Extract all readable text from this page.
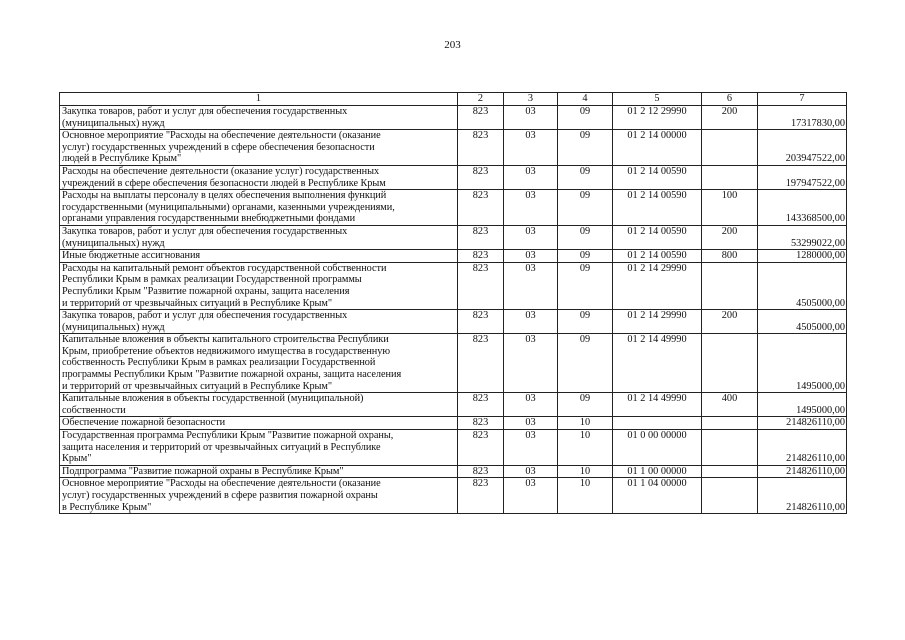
203
1	2	3	4	5	6	7

Закупка товаров, работ и услуг для обеспечения государственных
(муниципальных) нужд	823	03	09	01 2 12 29990	200	17317830,00

Основное мероприятие "Расходы на обеспечение деятельности (оказание
услуг) государственных учреждений в сфере обеспечения безопасности
людей в Республике Крым"	823	03	09	01 2 14 00000		203947522,00

Расходы на обеспечение деятельности (оказание услуг) государственных
учреждений в сфере обеспечения безопасности людей в Республике Крым	823	03	09	01 2 14 00590		197947522,00

Расходы на выплаты персоналу в целях обеспечения выполнения функций
государственными (муниципальными) органами, казенными учреждениями,
органами управления государственными внебюджетными фондами	823	03	09	01 2 14 00590	100	143368500,00

Закупка товаров, работ и услуг для обеспечения государственных
(муниципальных) нужд	823	03	09	01 2 14 00590	200	53299022,00

Иные бюджетные ассигнования	823	03	09	01 2 14 00590	800	1280000,00

Расходы на капитальный ремонт объектов государственной собственности
Республики Крым в рамках реализации Государственной программы
Республики Крым "Развитие пожарной охраны, защита населения
и территорий от чрезвычайных ситуаций в Республике Крым"	823	03	09	01 2 14 29990		4505000,00

Закупка товаров, работ и услуг для обеспечения государственных
(муниципальных) нужд	823	03	09	01 2 14 29990	200	4505000,00

Капитальные вложения в объекты капитального строительства Республики
Крым, приобретение объектов недвижимого имущества в государственную
собственность Республики Крым в рамках реализации Государственной
программы Республики Крым "Развитие пожарной охраны, защита населения
и территорий от чрезвычайных ситуаций в Республике Крым"	823	03	09	01 2 14 49990		1495000,00

Капитальные вложения в объекты государственной (муниципальной)
собственности	823	03	09	01 2 14 49990	400	1495000,00

Обеспечение пожарной безопасности	823	03	10			214826110,00

Государственная программа Республики Крым "Развитие пожарной охраны,
защита населения и территорий от чрезвычайных ситуаций в Республике
Крым"	823	03	10	01 0 00 00000		214826110,00

Подпрограмма "Развитие пожарной охраны в Республике Крым"	823	03	10	01 1 00 00000		214826110,00

Основное мероприятие "Расходы на обеспечение деятельности (оказание
услуг) государственных учреждений в сфере развития пожарной охраны
в Республике Крым"	823	03	10	01 1 04 00000		214826110,00
